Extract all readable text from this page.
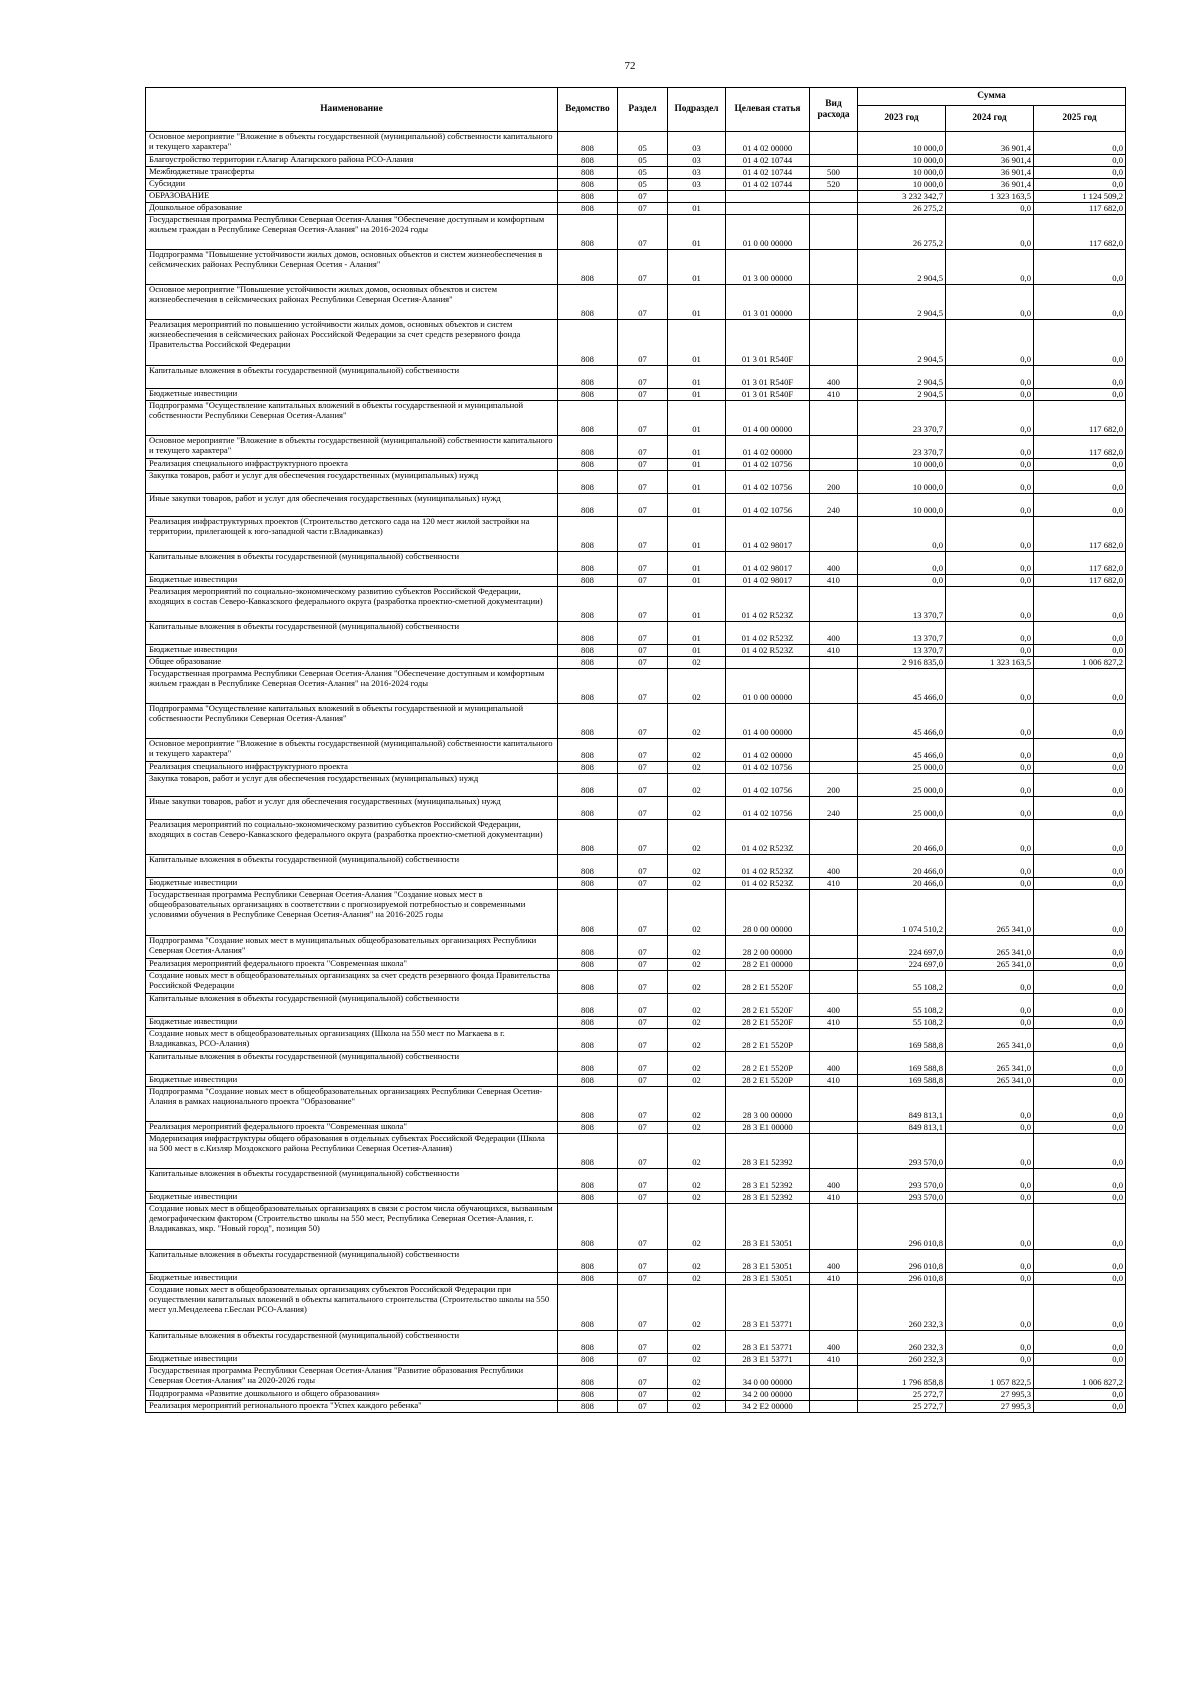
72
Наименование	Ведомство	Раздел	Подраздел	Целевая статья	Вид расхода	Сумма		
						2023 год	2024 год	2025 год
Основное мероприятие "Вложение в объекты государственной (муниципальной) собственности капитального и текущего характера"	808	05	03	01 4 02 00000		10 000,0	36 901,4	0,0
Благоустройство территории г.Алагир Алагирского района РСО-Алания	808	05	03	01 4 02 10744		10 000,0	36 901,4	0,0
Межбюджетные трансферты	808	05	03	01 4 02 10744	500	10 000,0	36 901,4	0,0
Субсидии	808	05	03	01 4 02 10744	520	10 000,0	36 901,4	0,0
ОБРАЗОВАНИЕ	808	07				3 232 342,7	1 323 163,5	1 124 509,2
Дошкольное образование	808	07	01			26 275,2	0,0	117 682,0
Государственная программа Республики Северная Осетия-Алания "Обеспечение доступным и комфортным жильем граждан в Республике Северная Осетия-Алания" на 2016-2024 годы	808	07	01	01 0 00 00000		26 275,2	0,0	117 682,0
Подпрограмма "Повышение устойчивости жилых домов, основных объектов и систем жизнеобеспечения в сейсмических районах Республики Северная Осетия - Алания"	808	07	01	01 3 00 00000		2 904,5	0,0	0,0
Основное мероприятие "Повышение устойчивости жилых домов, основных объектов и систем жизнеобеспечения в сейсмических районах Республики Северная Осетия-Алания"	808	07	01	01 3 01 00000		2 904,5	0,0	0,0
Реализация мероприятий по повышению устойчивости жилых домов, основных объектов и систем жизнеобеспечения в сейсмических районах Российской Федерации за счет средств резервного фонда Правительства Российской Федерации	808	07	01	01 3 01 R540F		2 904,5	0,0	0,0
Капитальные вложения в объекты государственной (муниципальной) собственности	808	07	01	01 3 01 R540F	400	2 904,5	0,0	0,0
Бюджетные инвестиции	808	07	01	01 3 01 R540F	410	2 904,5	0,0	0,0
Подпрограмма "Осуществление капитальных вложений в объекты государственной и муниципальной собственности Республики Северная Осетия-Алания"	808	07	01	01 4 00 00000		23 370,7	0,0	117 682,0
Основное мероприятие "Вложение в объекты государственной (муниципальной) собственности капитального и текущего характера"	808	07	01	01 4 02 00000		23 370,7	0,0	117 682,0
Реализация специального инфраструктурного проекта	808	07	01	01 4 02 10756		10 000,0	0,0	0,0
Закупка товаров, работ и услуг для обеспечения государственных (муниципальных) нужд	808	07	01	01 4 02 10756	200	10 000,0	0,0	0,0
Иные закупки товаров, работ и услуг для обеспечения государственных (муниципальных) нужд	808	07	01	01 4 02 10756	240	10 000,0	0,0	0,0
Реализация инфраструктурных проектов (Строительство детского сада на 120 мест жилой застройки на территории, прилегающей к юго-западной части г.Владикавказ)	808	07	01	01 4 02 98017		0,0	0,0	117 682,0
Капитальные вложения в объекты государственной (муниципальной) собственности	808	07	01	01 4 02 98017	400	0,0	0,0	117 682,0
Бюджетные инвестиции	808	07	01	01 4 02 98017	410	0,0	0,0	117 682,0
Реализация мероприятий по социально-экономическому развитию субъектов Российской Федерации, входящих в состав Северо-Кавказского федерального округа (разработка проектно-сметной документации)	808	07	01	01 4 02 R523Z		13 370,7	0,0	0,0
Капитальные вложения в объекты государственной (муниципальной) собственности	808	07	01	01 4 02 R523Z	400	13 370,7	0,0	0,0
Бюджетные инвестиции	808	07	01	01 4 02 R523Z	410	13 370,7	0,0	0,0
Общее образование	808	07	02			2 916 835,0	1 323 163,5	1 006 827,2
Государственная программа Республики Северная Осетия-Алания "Обеспечение доступным и комфортным жильем граждан в Республике Северная Осетия-Алания" на 2016-2024 годы	808	07	02	01 0 00 00000		45 466,0	0,0	0,0
Подпрограмма "Осуществление капитальных вложений в объекты государственной и муниципальной собственности Республики Северная Осетия-Алания"	808	07	02	01 4 00 00000		45 466,0	0,0	0,0
Основное мероприятие "Вложение в объекты государственной (муниципальной) собственности капитального и текущего характера"	808	07	02	01 4 02 00000		45 466,0	0,0	0,0
Реализация специального инфраструктурного проекта	808	07	02	01 4 02 10756		25 000,0	0,0	0,0
Закупка товаров, работ и услуг для обеспечения государственных (муниципальных) нужд	808	07	02	01 4 02 10756	200	25 000,0	0,0	0,0
Иные закупки товаров, работ и услуг для обеспечения государственных (муниципальных) нужд	808	07	02	01 4 02 10756	240	25 000,0	0,0	0,0
Реализация мероприятий по социально-экономическому развитию субъектов Российской Федерации, входящих в состав Северо-Кавказского федерального округа (разработка проектно-сметной документации)	808	07	02	01 4 02 R523Z		20 466,0	0,0	0,0
Капитальные вложения в объекты государственной (муниципальной) собственности	808	07	02	01 4 02 R523Z	400	20 466,0	0,0	0,0
Бюджетные инвестиции	808	07	02	01 4 02 R523Z	410	20 466,0	0,0	0,0
Государственная программа Республики Северная Осетия-Алания "Создание новых мест в общеобразовательных организациях в соответствии с прогнозируемой потребностью и современными условиями обучения в Республике Северная Осетия-Алания" на 2016-2025 годы	808	07	02	28 0 00 00000		1 074 510,2	265 341,0	0,0
Подпрограмма "Создание новых мест в муниципальных общеобразовательных организациях Республики Северная Осетия-Алания"	808	07	02	28 2 00 00000		224 697,0	265 341,0	0,0
Реализация мероприятий федерального проекта "Современная школа"	808	07	02	28 2 E1 00000		224 697,0	265 341,0	0,0
Создание новых мест в общеобразовательных организациях за счет средств резервного фонда Правительства Российской Федерации	808	07	02	28 2 E1 5520F		55 108,2	0,0	0,0
Капитальные вложения в объекты государственной (муниципальной) собственности	808	07	02	28 2 E1 5520F	400	55 108,2	0,0	0,0
Бюджетные инвестиции	808	07	02	28 2 E1 5520F	410	55 108,2	0,0	0,0
Создание новых мест в общеобразовательных организациях (Школа на 550 мест по Магкаева в г. Владикавказ, РСО-Алания)	808	07	02	28 2 E1 5520P		169 588,8	265 341,0	0,0
Капитальные вложения в объекты государственной (муниципальной) собственности	808	07	02	28 2 E1 5520P	400	169 588,8	265 341,0	0,0
Бюджетные инвестиции	808	07	02	28 2 E1 5520P	410	169 588,8	265 341,0	0,0
Подпрограмма "Создание новых мест в общеобразовательных организациях Республики Северная Осетия-Алания в рамках национального проекта "Образование"	808	07	02	28 3 00 00000		849 813,1	0,0	0,0
Реализация мероприятий федерального проекта "Современная школа"	808	07	02	28 3 E1 00000		849 813,1	0,0	0,0
Модернизация инфраструктуры общего образования в отдельных субъектах Российской Федерации (Школа на 500 мест в с.Кизляр Моздокского района Республики Северная Осетия-Алания)	808	07	02	28 3 E1 52392		293 570,0	0,0	0,0
Капитальные вложения в объекты государственной (муниципальной) собственности	808	07	02	28 3 E1 52392	400	293 570,0	0,0	0,0
Бюджетные инвестиции	808	07	02	28 3 E1 52392	410	293 570,0	0,0	0,0
Создание новых мест в общеобразовательных организациях в связи с ростом числа обучающихся, вызванным демографическим фактором (Строительство школы на 550 мест, Республика Северная Осетия-Алания, г. Владикавказ, мкр. "Новый город", позиция 50)	808	07	02	28 3 E1 53051		296 010,8	0,0	0,0
Капитальные вложения в объекты государственной (муниципальной) собственности	808	07	02	28 3 E1 53051	400	296 010,8	0,0	0,0
Бюджетные инвестиции	808	07	02	28 3 E1 53051	410	296 010,8	0,0	0,0
Создание новых мест в общеобразовательных организациях субъектов Российской Федерации при осуществлении капитальных вложений в объекты капитального строительства (Строительство школы на 550 мест ул.Менделеева г.Беслан РСО-Алания)	808	07	02	28 3 E1 53771		260 232,3	0,0	0,0
Капитальные вложения в объекты государственной (муниципальной) собственности	808	07	02	28 3 E1 53771	400	260 232,3	0,0	0,0
Бюджетные инвестиции	808	07	02	28 3 E1 53771	410	260 232,3	0,0	0,0
Государственная программа Республики Северная Осетия-Алания "Развитие образования Республики Северная Осетия-Алания" на 2020-2026 годы	808	07	02	34 0 00 00000		1 796 858,8	1 057 822,5	1 006 827,2
Подпрограмма «Развитие дошкольного и общего образования»	808	07	02	34 2 00 00000		25 272,7	27 995,3	0,0
Реализация мероприятий регионального проекта "Успех каждого ребенка"	808	07	02	34 2 E2 00000		25 272,7	27 995,3	0,0
